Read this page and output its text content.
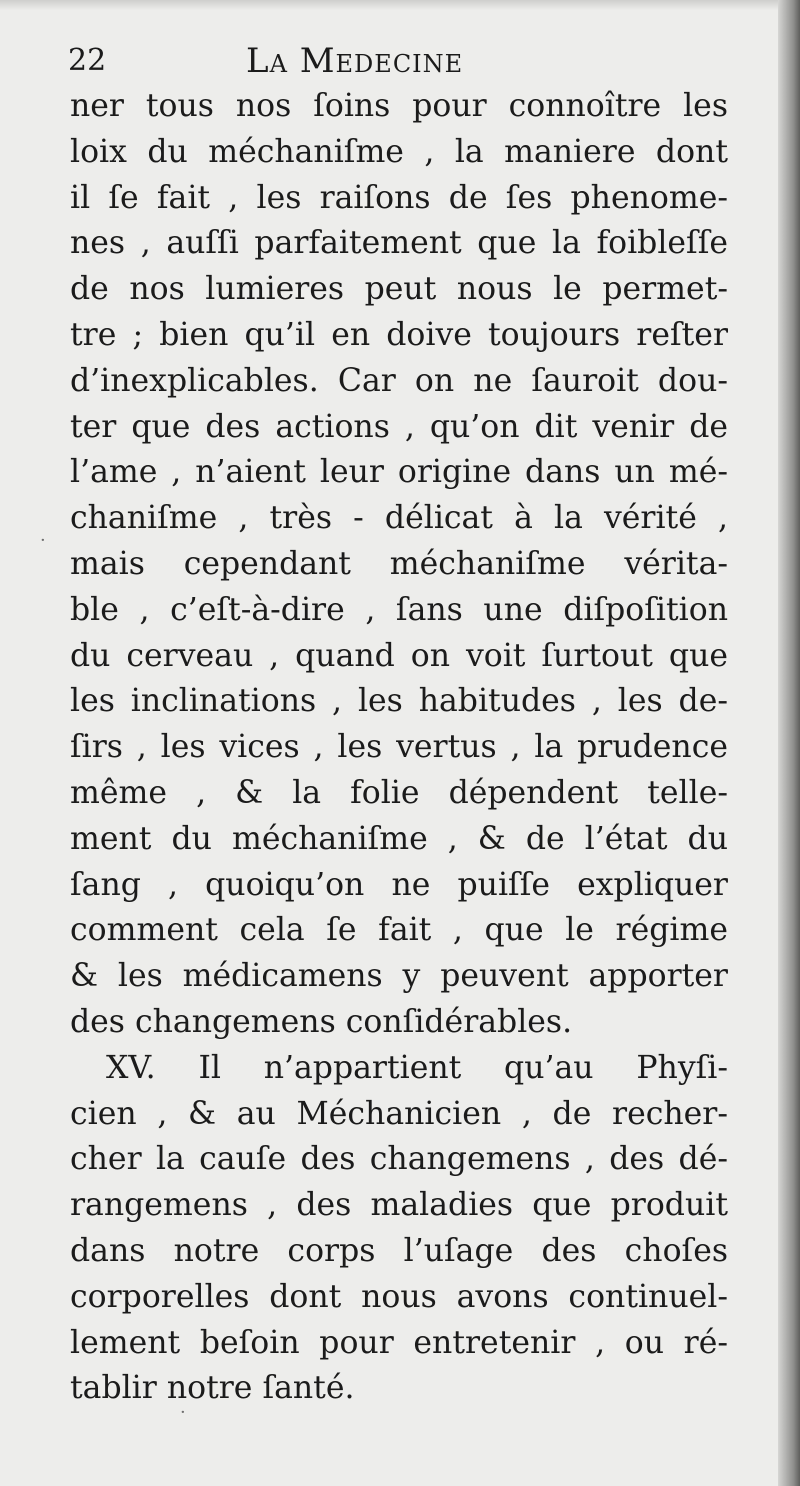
22	La Medecine
ner tous nos ſoins pour connoître les
loix du méchaniſme , la maniere dont
il ſe fait , les raiſons de ſes phenome-
nes , auſſi parfaitement que la foibleſſe
de nos lumieres peut nous le permet-
tre ; bien qu’il en doive toujours reſter
d’inexplicables. Car on ne ſauroit dou-
ter que des actions , qu’on dit venir de
l’ame , n’aient leur origine dans un mé-
chaniſme , très - délicat à la vérité ,
mais cependant méchaniſme vérita-
ble , c’eſt-à-dire , ſans une diſpoſition
du cerveau , quand on voit ſurtout que
les inclinations , les habitudes , les de-
ſirs , les vices , les vertus , la prudence
même , & la folie dépendent telle-
ment du méchaniſme , & de l’état du
ſang , quoiqu’on ne puiſſe expliquer
comment cela ſe fait , que le régime
& les médicamens y peuvent apporter
des changemens conſidérables.
XV. Il n’appartient qu’au Phyſi-
cien , & au Méchanicien , de recher-
cher la cauſe des changemens , des dé-
rangemens , des maladies que produit
dans notre corps l’uſage des choſes
corporelles dont nous avons continuel-
lement beſoin pour entretenir , ou ré-
tablir notre ſanté.
·
·
